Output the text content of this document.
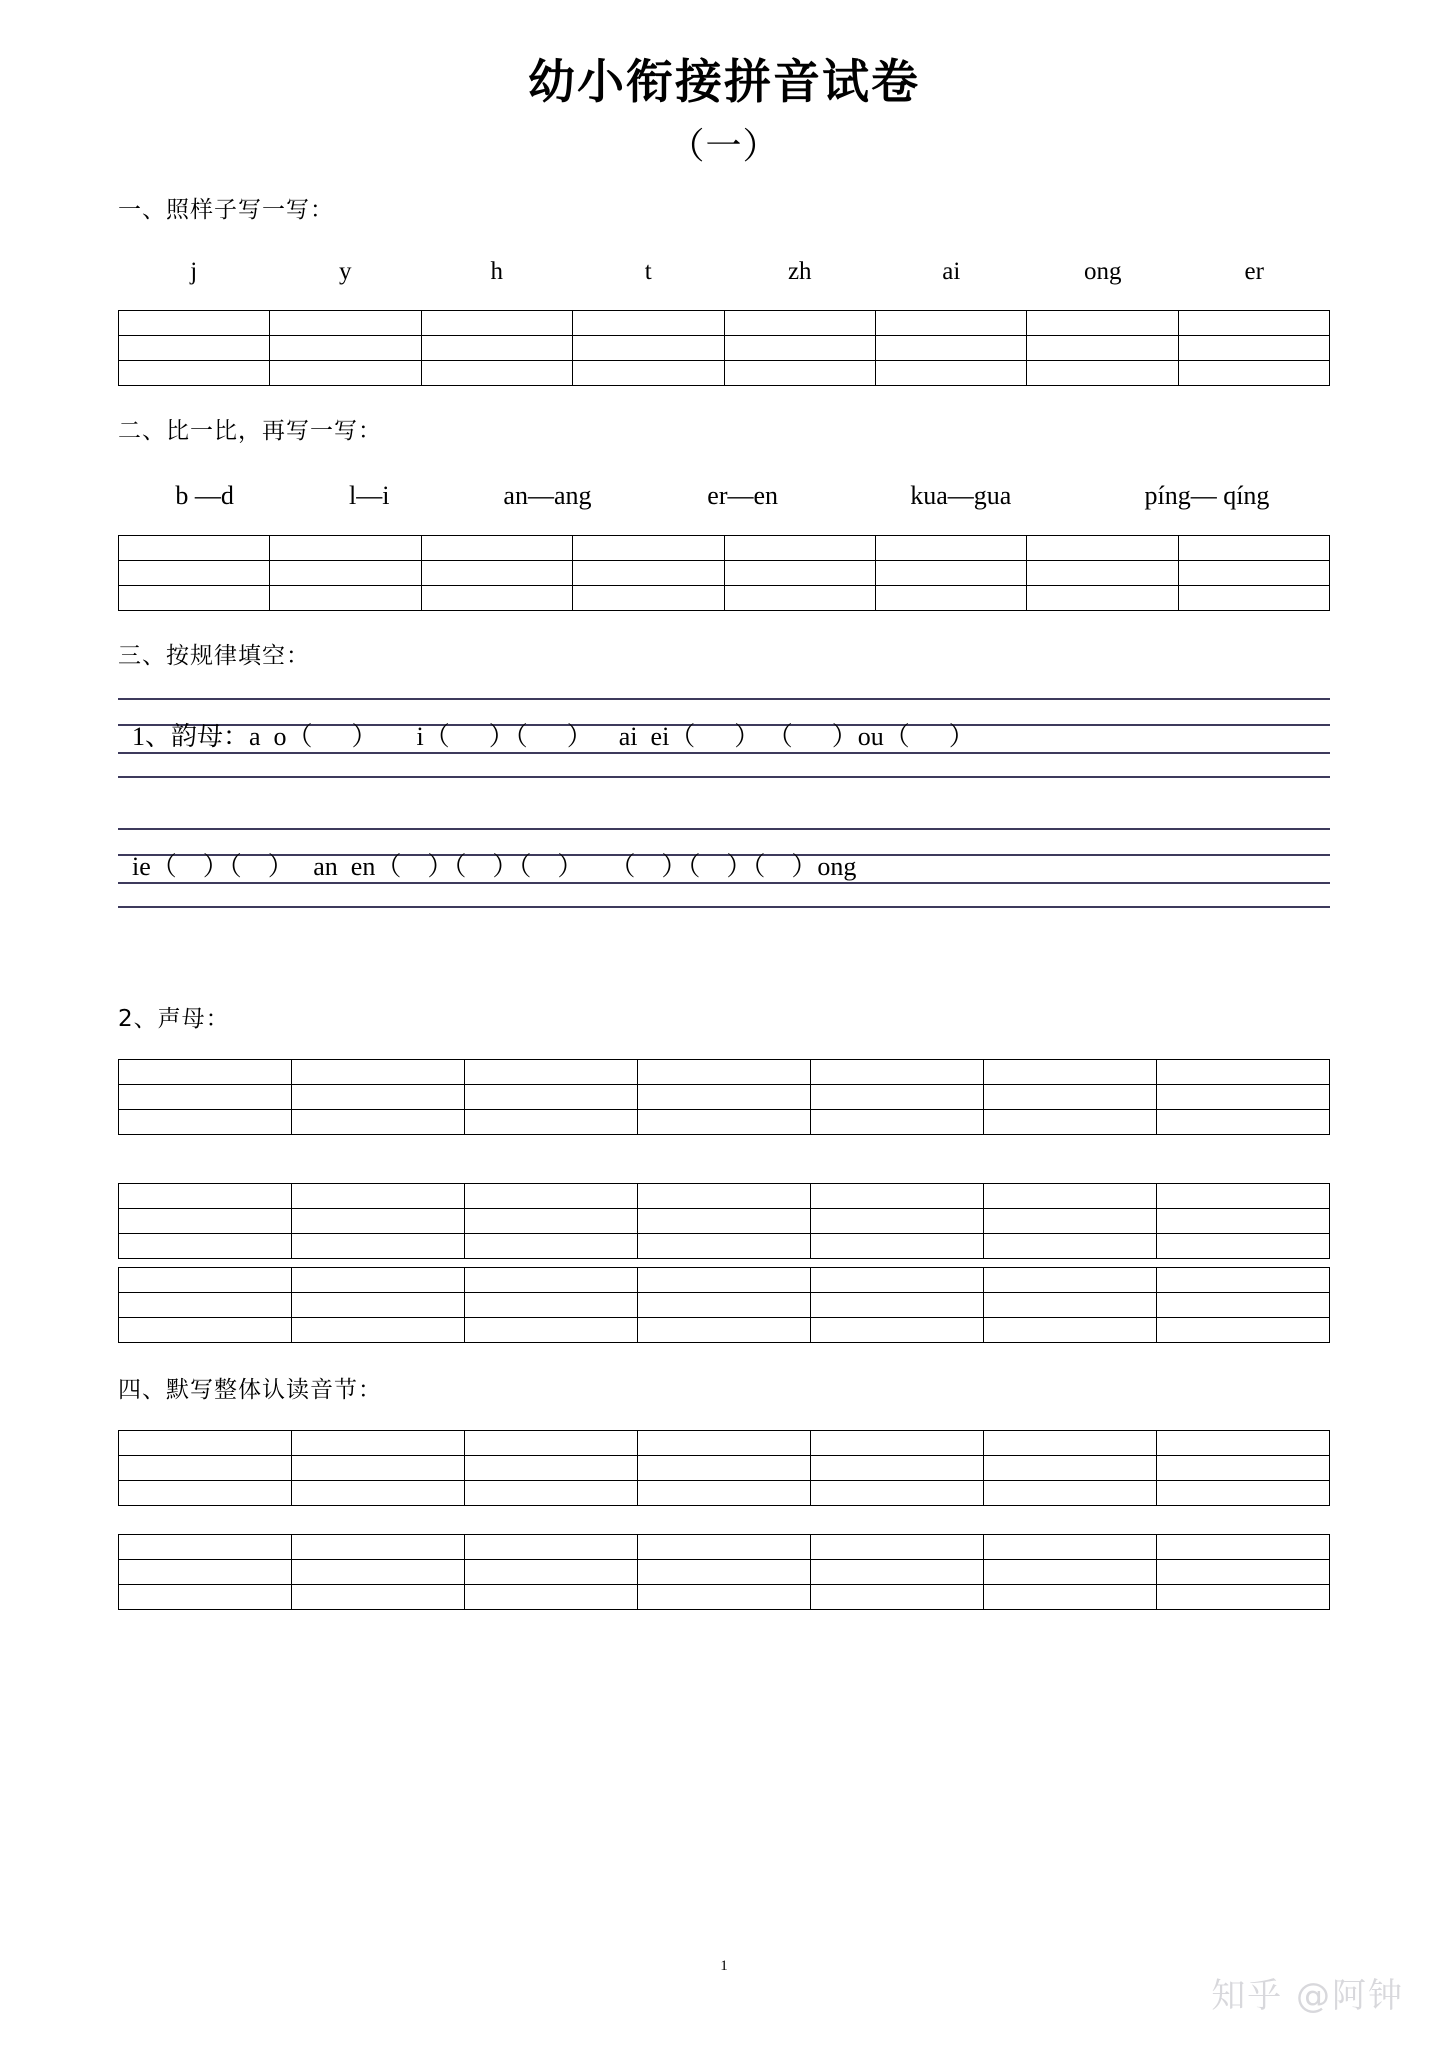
幼小衔接拼音试卷
（一）
一、照样子写一写：
j	y	h	t	zh	ai	ong	er

二、比一比，再写一写：
b —d	l—i	an—ang	er—en	kua—gua	píng— qíng

三、按规律填空：
1、韵母：a  o（      ）      i（      ）（      ）    ai  ei（      ） （      ）ou（      ）
ie（    ）（    ）   an  en（    ）（    ）（    ）    （    ）（    ）（    ）ong
2、声母：

四、默写整体认读音节：

1
知乎 @阿钟
